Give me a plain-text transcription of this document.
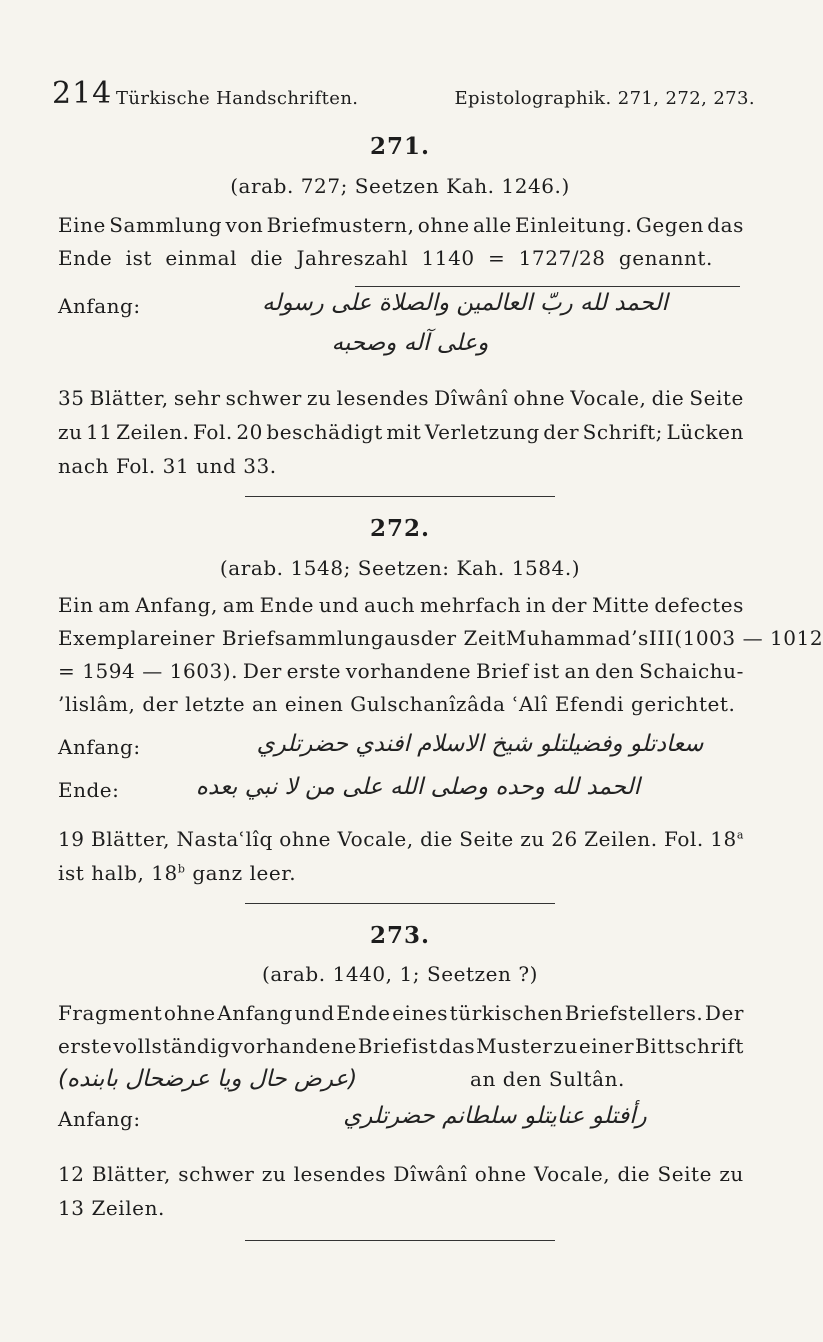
214 Türkische Handschriften.	Epistolographik. 271, 272, 273.
271.
(arab. 727; Seetzen Kah. 1246.)
Eine Sammlung von Briefmustern, ohne alle Einleitung. Gegen das
Ende ist einmal die Jahreszahl 1140 = 1727/28 genannt.
Anfang:	الحمد لله ربّ العالمين والصلاة على رسوله
وعلى آله وصحبه
35 Blätter, sehr schwer zu lesendes Dîwânî ohne Vocale, die Seite
zu 11 Zeilen. Fol. 20 beschädigt mit Verletzung der Schrift; Lücken
nach Fol. 31 und 33.
272.
(arab. 1548; Seetzen: Kah. 1584.)
Ein am Anfang, am Ende und auch mehrfach in der Mitte defectes
Exemplar einer Briefsammlung aus der Zeit Muhammad’s III (1003 — 1012
= 1594 — 1603). Der erste vorhandene Brief ist an den Schaichu-
’lislâm, der letzte an einen Gulschanîzâda ʿAlî Efendi gerichtet.
Anfang:	سعادتلو وفضيلتلو شيخ الاسلام افندي حضرتلري
Ende:	الحمد لله وحده وصلى الله على من لا نبي بعده
19 Blätter, Nastaʿlîq ohne Vocale, die Seite zu 26 Zeilen. Fol. 18$^a$
ist halb, 18$^b$ ganz leer.
273.
(arab. 1440, 1; Seetzen ?)
Fragment ohne Anfang und Ende eines türkischen Briefstellers. Der
erste vollständig vorhandene Brief ist das Muster zu einer Bittschrift
(عرض حال ويا عرضحال بابنده)	an den Sultân.
Anfang:	رأفتلو عنايتلو سلطانم حضرتلري
12 Blätter, schwer zu lesendes Dîwânî ohne Vocale, die Seite zu
13 Zeilen.
